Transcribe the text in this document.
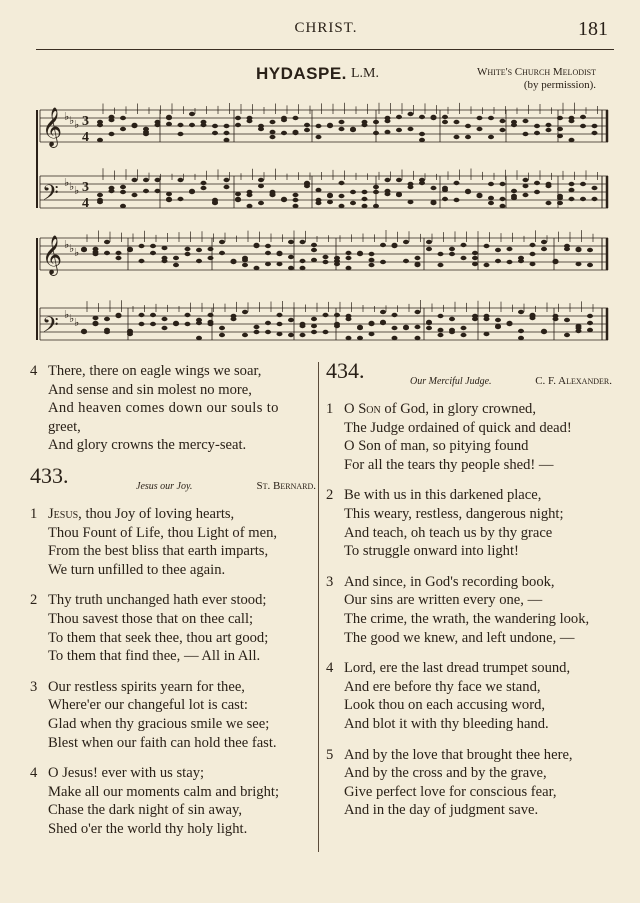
CHRIST.	181
HYDASPE. L.M.	White's Church Melodist
(by permission).
𝄞 ♭ ♭ ♭ 3
4
𝄢 ♭ ♭ ♭ 3
4
𝄞 ♭ ♭ ♭
𝄢 ♭ ♭ ♭
4 There, there on eagle wings we soar,
And sense and sin molest no more,
And heaven comes down our souls to
greet,
And glory crowns the mercy-seat.
433.	Jesus our Joy.	St. Bernard.
1 Jesus, thou Joy of loving hearts,
Thou Fount of Life, thou Light of men,
From the best bliss that earth imparts,
We turn unfilled to thee again.
2 Thy truth unchanged hath ever stood;
Thou savest those that on thee call;
To them that seek thee, thou art good;
To them that find thee, — All in All.
3 Our restless spirits yearn for thee,
Where'er our changeful lot is cast:
Glad when thy gracious smile we see;
Blest when our faith can hold thee fast.
4 O Jesus! ever with us stay;
Make all our moments calm and bright;
Chase the dark night of sin away,
Shed o'er the world thy holy light.
434.	Our Merciful Judge.	C. F. Alexander.
1 O Son of God, in glory crowned,
The Judge ordained of quick and dead!
O Son of man, so pitying found
For all the tears thy people shed! —
2 Be with us in this darkened place,
This weary, restless, dangerous night;
And teach, oh teach us by thy grace
To struggle onward into light!
3 And since, in God's recording book,
Our sins are written every one, —
The crime, the wrath, the wandering look,
The good we knew, and left undone, —
4 Lord, ere the last dread trumpet sound,
And ere before thy face we stand,
Look thou on each accusing word,
And blot it with thy bleeding hand.
5 And by the love that brought thee here,
And by the cross and by the grave,
Give perfect love for conscious fear,
And in the day of judgment save.
